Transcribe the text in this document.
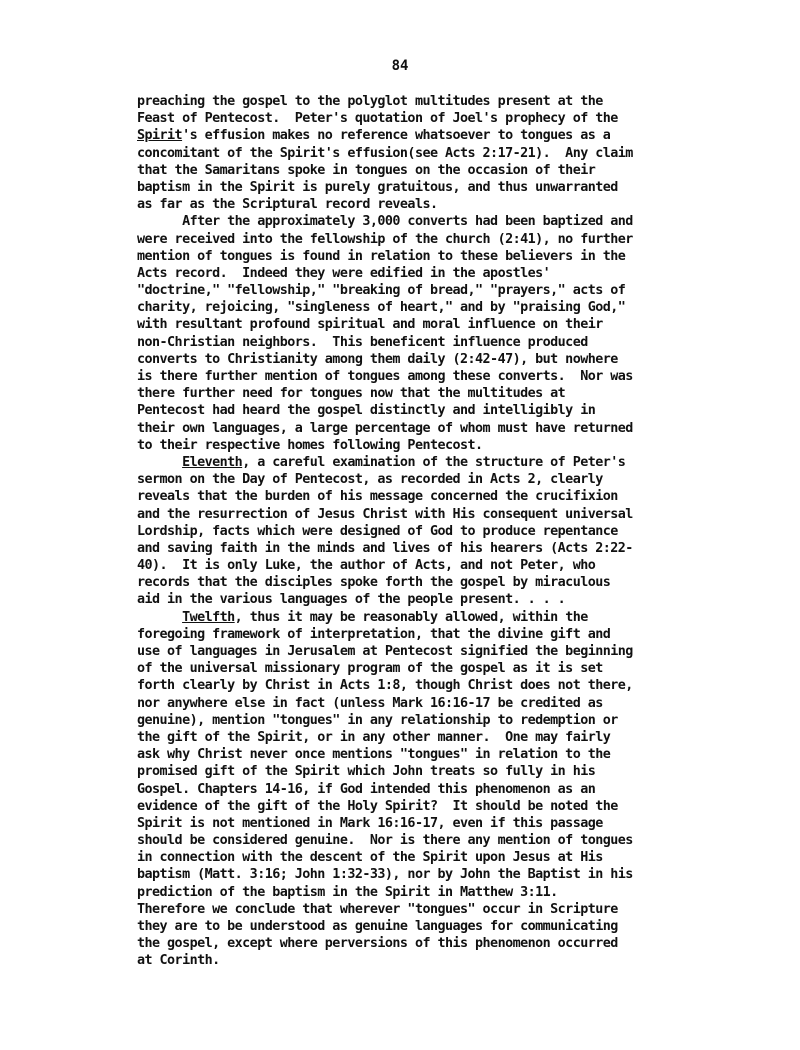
84
preaching the gospel to the polyglot multitudes present at the
Feast of Pentecost.  Peter's quotation of Joel's prophecy of the
Spirit's effusion makes no reference whatsoever to tongues as a
concomitant of the Spirit's effusion(see Acts 2:17-21).  Any claim
that the Samaritans spoke in tongues on the occasion of their
baptism in the Spirit is purely gratuitous, and thus unwarranted
as far as the Scriptural record reveals.
After the approximately 3,000 converts had been baptized and
were received into the fellowship of the church (2:41), no further
mention of tongues is found in relation to these believers in the
Acts record.  Indeed they were edified in the apostles'
"doctrine," "fellowship," "breaking of bread," "prayers," acts of
charity, rejoicing, "singleness of heart," and by "praising God,"
with resultant profound spiritual and moral influence on their
non-Christian neighbors.  This beneficent influence produced
converts to Christianity among them daily (2:42-47), but nowhere
is there further mention of tongues among these converts.  Nor was
there further need for tongues now that the multitudes at
Pentecost had heard the gospel distinctly and intelligibly in
their own languages, a large percentage of whom must have returned
to their respective homes following Pentecost.
Eleventh, a careful examination of the structure of Peter's
sermon on the Day of Pentecost, as recorded in Acts 2, clearly
reveals that the burden of his message concerned the crucifixion
and the resurrection of Jesus Christ with His consequent universal
Lordship, facts which were designed of God to produce repentance
and saving faith in the minds and lives of his hearers (Acts 2:22-
40).  It is only Luke, the author of Acts, and not Peter, who
records that the disciples spoke forth the gospel by miraculous
aid in the various languages of the people present. . . .
Twelfth, thus it may be reasonably allowed, within the
foregoing framework of interpretation, that the divine gift and
use of languages in Jerusalem at Pentecost signified the beginning
of the universal missionary program of the gospel as it is set
forth clearly by Christ in Acts 1:8, though Christ does not there,
nor anywhere else in fact (unless Mark 16:16-17 be credited as
genuine), mention "tongues" in any relationship to redemption or
the gift of the Spirit, or in any other manner.  One may fairly
ask why Christ never once mentions "tongues" in relation to the
promised gift of the Spirit which John treats so fully in his
Gospel. Chapters 14-16, if God intended this phenomenon as an
evidence of the gift of the Holy Spirit?  It should be noted the
Spirit is not mentioned in Mark 16:16-17, even if this passage
should be considered genuine.  Nor is there any mention of tongues
in connection with the descent of the Spirit upon Jesus at His
baptism (Matt. 3:16; John 1:32-33), nor by John the Baptist in his
prediction of the baptism in the Spirit in Matthew 3:11.
Therefore we conclude that wherever "tongues" occur in Scripture
they are to be understood as genuine languages for communicating
the gospel, except where perversions of this phenomenon occurred
at Corinth.
